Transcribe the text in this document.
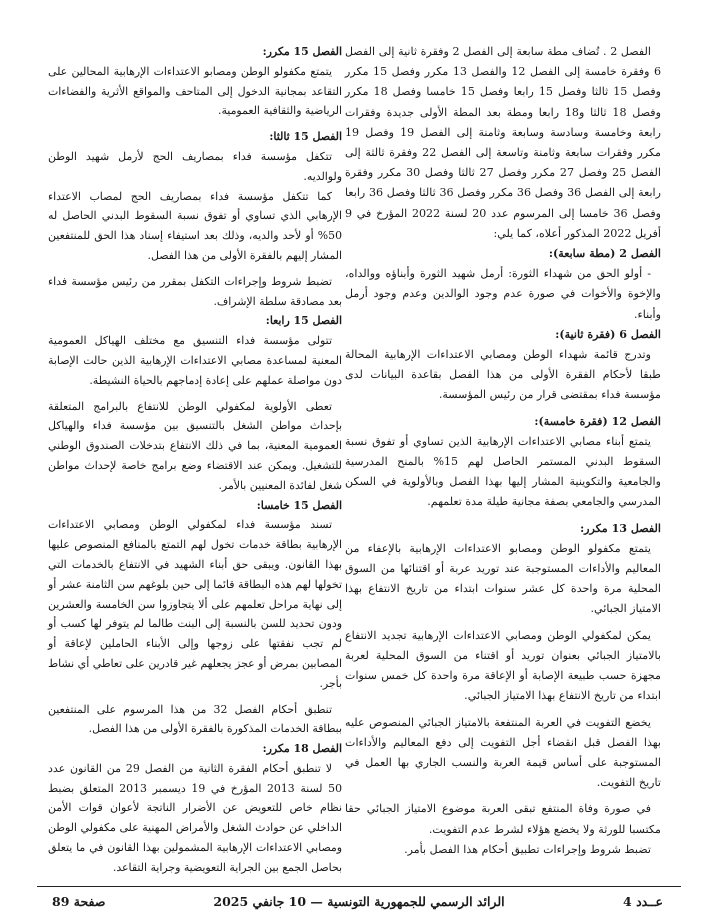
الفصل 2 . تُضاف مطة سابعة إلى الفصل 2 وفقرة ثانية إلى الفصل 6 وفقرة خامسة إلى الفصل 12 والفصل 13 مكرر وفصل 15 مكرر وفصل 15 ثالثا وفصل 15 رابعا وفصل 15 خامسا وفصل 18 مكرر وفصل 18 ثالثا و18 رابعا ومطة بعد المطة الأولى جديدة وفقرات رابعة وخامسة وسادسة وسابعة وثامنة إلى الفصل 19 وفصل 19 مكرر وفقرات سابعة وثامنة وتاسعة إلى الفصل 22 وفقرة ثالثة إلى الفصل 25 وفصل 27 مكرر وفصل 27 ثالثا وفصل 30 مكرر وفقرة رابعة إلى الفصل 36 وفصل 36 مكرر وفصل 36 ثالثا وفصل 36 رابعا وفصل 36 خامسا إلى المرسوم عدد 20 لسنة 2022 المؤرخ في 9 أفريل 2022 المذكور أعلاه، كما يلي:

الفصل 2 (مطة سابعة):

- أولو الحق من شهداء الثورة: أرمل شهيد الثورة وأبناؤه ووالداه، والإخوة والأخوات في صورة عدم وجود الوالدين وعدم وجود أرمل وأبناء.

الفصل 6 (فقرة ثانية):

وتدرج قائمة شهداء الوطن ومصابي الاعتداءات الإرهابية المحالة طبقا لأحكام الفقرة الأولى من هذا الفصل بقاعدة البيانات لدى مؤسسة فداء بمقتضى قرار من رئيس المؤسسة.

الفصل 12 (فقرة خامسة):

يتمتع أبناء مصابي الاعتداءات الإرهابية الذين تساوي أو تفوق نسبة السقوط البدني المستمر الحاصل لهم 15% بالمنح المدرسية والجامعية والتكوينية المشار إليها بهذا الفصل وبالأولوية في السكن المدرسي والجامعي بصفة مجانية طيلة مدة تعلمهم.

الفصل 13 مكرر:

يتمتع مكفولو الوطن ومصابو الاعتداءات الإرهابية بالإعفاء من المعاليم والأداءات المستوجبة عند توريد عربة أو اقتنائها من السوق المحلية مرة واحدة كل عشر سنوات ابتداء من تاريخ الانتفاع بهذا الامتياز الجبائي.

يمكن لمكفولي الوطن ومصابي الاعتداءات الإرهابية تجديد الانتفاع بالامتياز الجبائي بعنوان توريد أو اقتناء من السوق المحلية لعربة مجهزة حسب طبيعة الإصابة أو الإعاقة مرة واحدة كل خمس سنوات ابتداء من تاريخ الانتفاع بهذا الامتياز الجبائي.

يخضع التفويت في العربة المنتفعة بالامتياز الجبائي المنصوص عليه بهذا الفصل قبل انقضاء أجل التفويت إلى دفع المعاليم والأداءات المستوجبة على أساس قيمة العربة والنسب الجاري بها العمل في تاريخ التفويت.

في صورة وفاة المنتفع تبقى العربة موضوع الامتياز الجبائي حقا مكتسبا للورثة ولا يخضع هؤلاء لشرط عدم التفويت.

تضبط شروط وإجراءات تطبيق أحكام هذا الفصل بأمر.

الفصل 15 مكرر:

يتمتع مكفولو الوطن ومصابو الاعتداءات الإرهابية المحالين على التقاعد بمجانية الدخول إلى المتاحف والمواقع الأثرية والفضاءات الرياضية والثقافية العمومية.

الفصل 15 ثالثا:

تتكفل مؤسسة فداء بمصاريف الحج لأرمل شهيد الوطن ولوالديه.

كما تتكفل مؤسسة فداء بمصاريف الحج لمصاب الاعتداء الإرهابي الذي تساوي أو تفوق نسبة السقوط البدني الحاصل له 50% أو لأحد والديه، وذلك بعد استيفاء إسناد هذا الحق للمنتفعين المشار إليهم بالفقرة الأولى من هذا الفصل.

تضبط شروط وإجراءات التكفل بمقرر من رئيس مؤسسة فداء بعد مصادقة سلطة الإشراف.

الفصل 15 رابعا:

تتولى مؤسسة فداء التنسيق مع مختلف الهياكل العمومية المعنية لمساعدة مصابي الاعتداءات الإرهابية الذين حالت الإصابة دون مواصلة عملهم على إعادة إدماجهم بالحياة النشيطة.

تعطى الأولوية لمكفولي الوطن للانتفاع بالبرامج المتعلقة بإحداث مواطن الشغل بالتنسيق بين مؤسسة فداء والهياكل العمومية المعنية، بما في ذلك الانتفاع بتدخلات الصندوق الوطني للتشغيل. ويمكن عند الاقتضاء وضع برامج خاصة لإحداث مواطن شغل لفائدة المعنيين بالأمر.

الفصل 15 خامسا:

تسند مؤسسة فداء لمكفولي الوطن ومصابي الاعتداءات الإرهابية بطاقة خدمات تخول لهم التمتع بالمنافع المنصوص عليها بهذا القانون. ويبقى حق أبناء الشهيد في الانتفاع بالخدمات التي تخولها لهم هذه البطاقة قائما إلى حين بلوغهم سن الثامنة عشر أو إلى نهاية مراحل تعلمهم على ألا يتجاوزوا سن الخامسة والعشرين ودون تحديد للسن بالنسبة إلى البنت طالما لم يتوفر لها كسب أو لم تجب نفقتها على زوجها وإلى الأبناء الحاملين لإعاقة أو المصابين بمرض أو عجز يجعلهم غير قادرين على تعاطي أي نشاط بأجر.

تنطبق أحكام الفصل 32 من هذا المرسوم على المنتفعين ببطاقة الخدمات المذكورة بالفقرة الأولى من هذا الفصل.

الفصل 18 مكرر:

لا تنطبق أحكام الفقرة الثانية من الفصل 29 من القانون عدد 50 لسنة 2013 المؤرخ في 19 ديسمبر 2013 المتعلق بضبط نظام خاص للتعويض عن الأضرار الناتجة لأعوان قوات الأمن الداخلي عن حوادث الشغل والأمراض المهنية على مكفولي الوطن ومصابي الاعتداءات الإرهابية المشمولين بهذا القانون في ما يتعلق بحاصل الجمع بين الجراية التعويضية وجراية التقاعد.

عــدد 4
الرائد الرسمي للجمهورية التونسية — 10 جانفي 2025
صفحة 89
